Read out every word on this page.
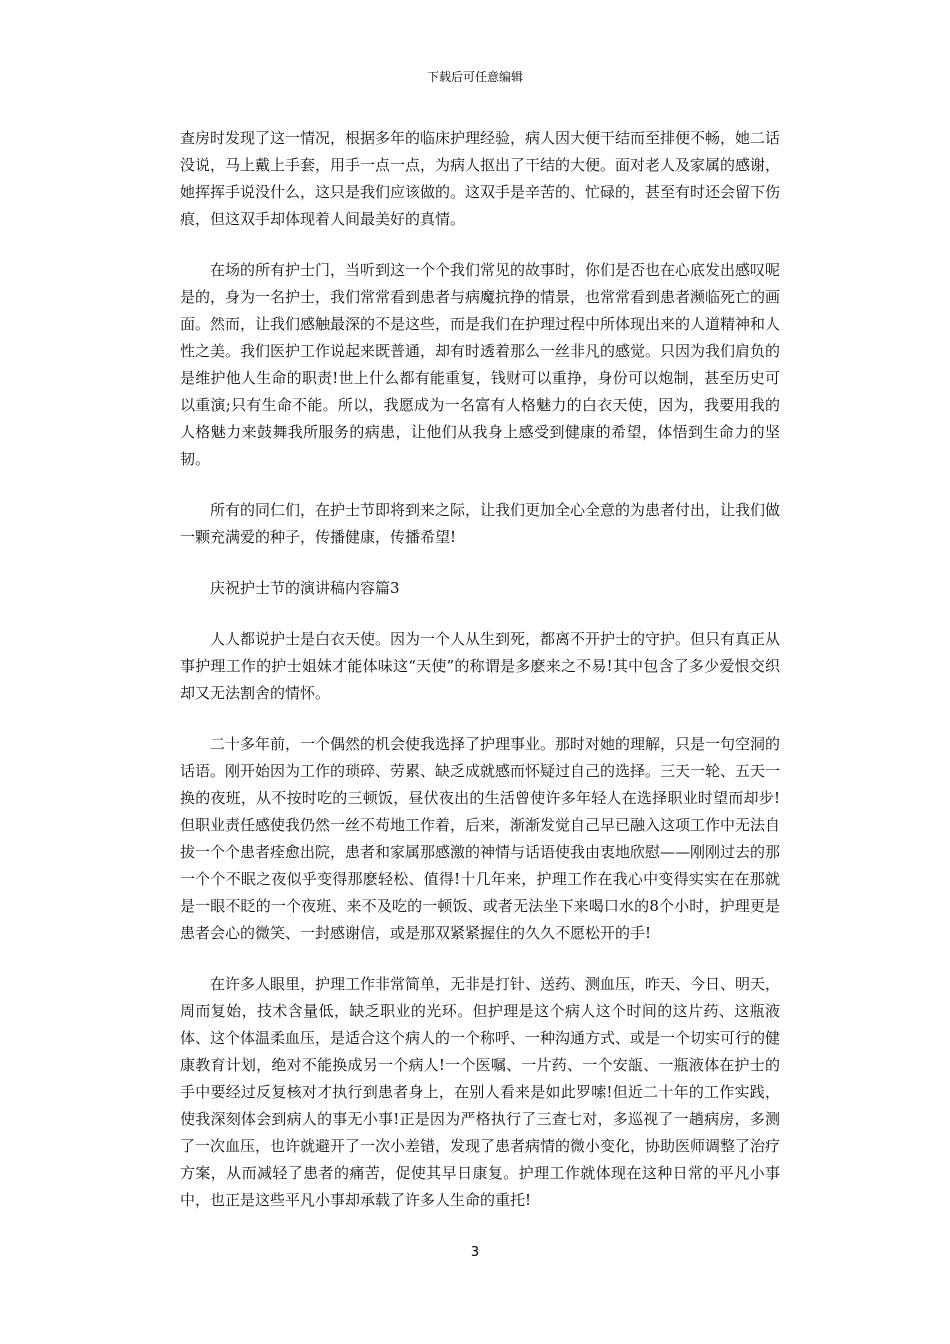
下载后可任意编辑

查房时发现了这一情况，根据多年的临床护理经验，病人因大便干结而至排便不畅，她二话没说，马上戴上手套，用手一点一点，为病人抠出了干结的大便。面对老人及家属的感谢，她挥挥手说没什么，这只是我们应该做的。这双手是辛苦的、忙碌的，甚至有时还会留下伤痕，但这双手却体现着人间最美好的真情。

在场的所有护士门，当听到这一个个我们常见的故事时，你们是否也在心底发出感叹呢是的，身为一名护士，我们常常看到患者与病魔抗挣的情景，也常常看到患者濒临死亡的画面。然而，让我们感触最深的不是这些，而是我们在护理过程中所体现出来的人道精神和人性之美。我们医护工作说起来既普通，却有时透着那么一丝非凡的感觉。只因为我们肩负的是维护他人生命的职责!世上什么都有能重复，钱财可以重挣，身份可以炮制，甚至历史可以重演;只有生命不能。所以，我愿成为一名富有人格魅力的白衣天使，因为，我要用我的人格魅力来鼓舞我所服务的病患，让他们从我身上感受到健康的希望，体悟到生命力的坚韧。

所有的同仁们，在护士节即将到来之际，让我们更加全心全意的为患者付出，让我们做一颗充满爱的种子，传播健康，传播希望!

庆祝护士节的演讲稿内容篇3

人人都说护士是白衣天使。因为一个人从生到死，都离不开护士的守护。但只有真正从事护理工作的护士姐妹才能体味这“天使”的称谓是多麽来之不易!其中包含了多少爱恨交织却又无法割舍的情怀。

二十多年前，一个偶然的机会使我选择了护理事业。那时对她的理解，只是一句空洞的话语。刚开始因为工作的琐碎、劳累、缺乏成就感而怀疑过自己的选择。三天一轮、五天一换的夜班，从不按时吃的三顿饭，昼伏夜出的生活曾使许多年轻人在选择职业时望而却步!但职业责任感使我仍然一丝不苟地工作着，后来，渐渐发觉自己早已融入这项工作中无法自拔一个个患者痊愈出院，患者和家属那感激的神情与话语使我由衷地欣慰——刚刚过去的那一个个不眠之夜似乎变得那麽轻松、值得!十几年来，护理工作在我心中变得实实在在那就是一眼不眨的一个夜班、来不及吃的一顿饭、或者无法坐下来喝口水的8个小时，护理更是患者会心的微笑、一封感谢信，或是那双紧紧握住的久久不愿松开的手!

在许多人眼里，护理工作非常简单，无非是打针、送药、测血压，昨天、今日、明天，周而复始，技术含量低，缺乏职业的光环。但护理是这个病人这个时间的这片药、这瓶液体、这个体温柔血压，是适合这个病人的一个称呼、一种沟通方式、或是一个切实可行的健康教育计划，绝对不能换成另一个病人!一个医嘱、一片药、一个安瓿、一瓶液体在护士的手中要经过反复核对才执行到患者身上，在别人看来是如此罗嗦!但近二十年的工作实践，使我深刻体会到病人的事无小事!正是因为严格执行了三查七对，多巡视了一趟病房，多测了一次血压，也许就避开了一次小差错，发现了患者病情的微小变化，协助医师调整了治疗方案，从而减轻了患者的痛苦，促使其早日康复。护理工作就体现在这种日常的平凡小事中，也正是这些平凡小事却承载了许多人生命的重托!

3
